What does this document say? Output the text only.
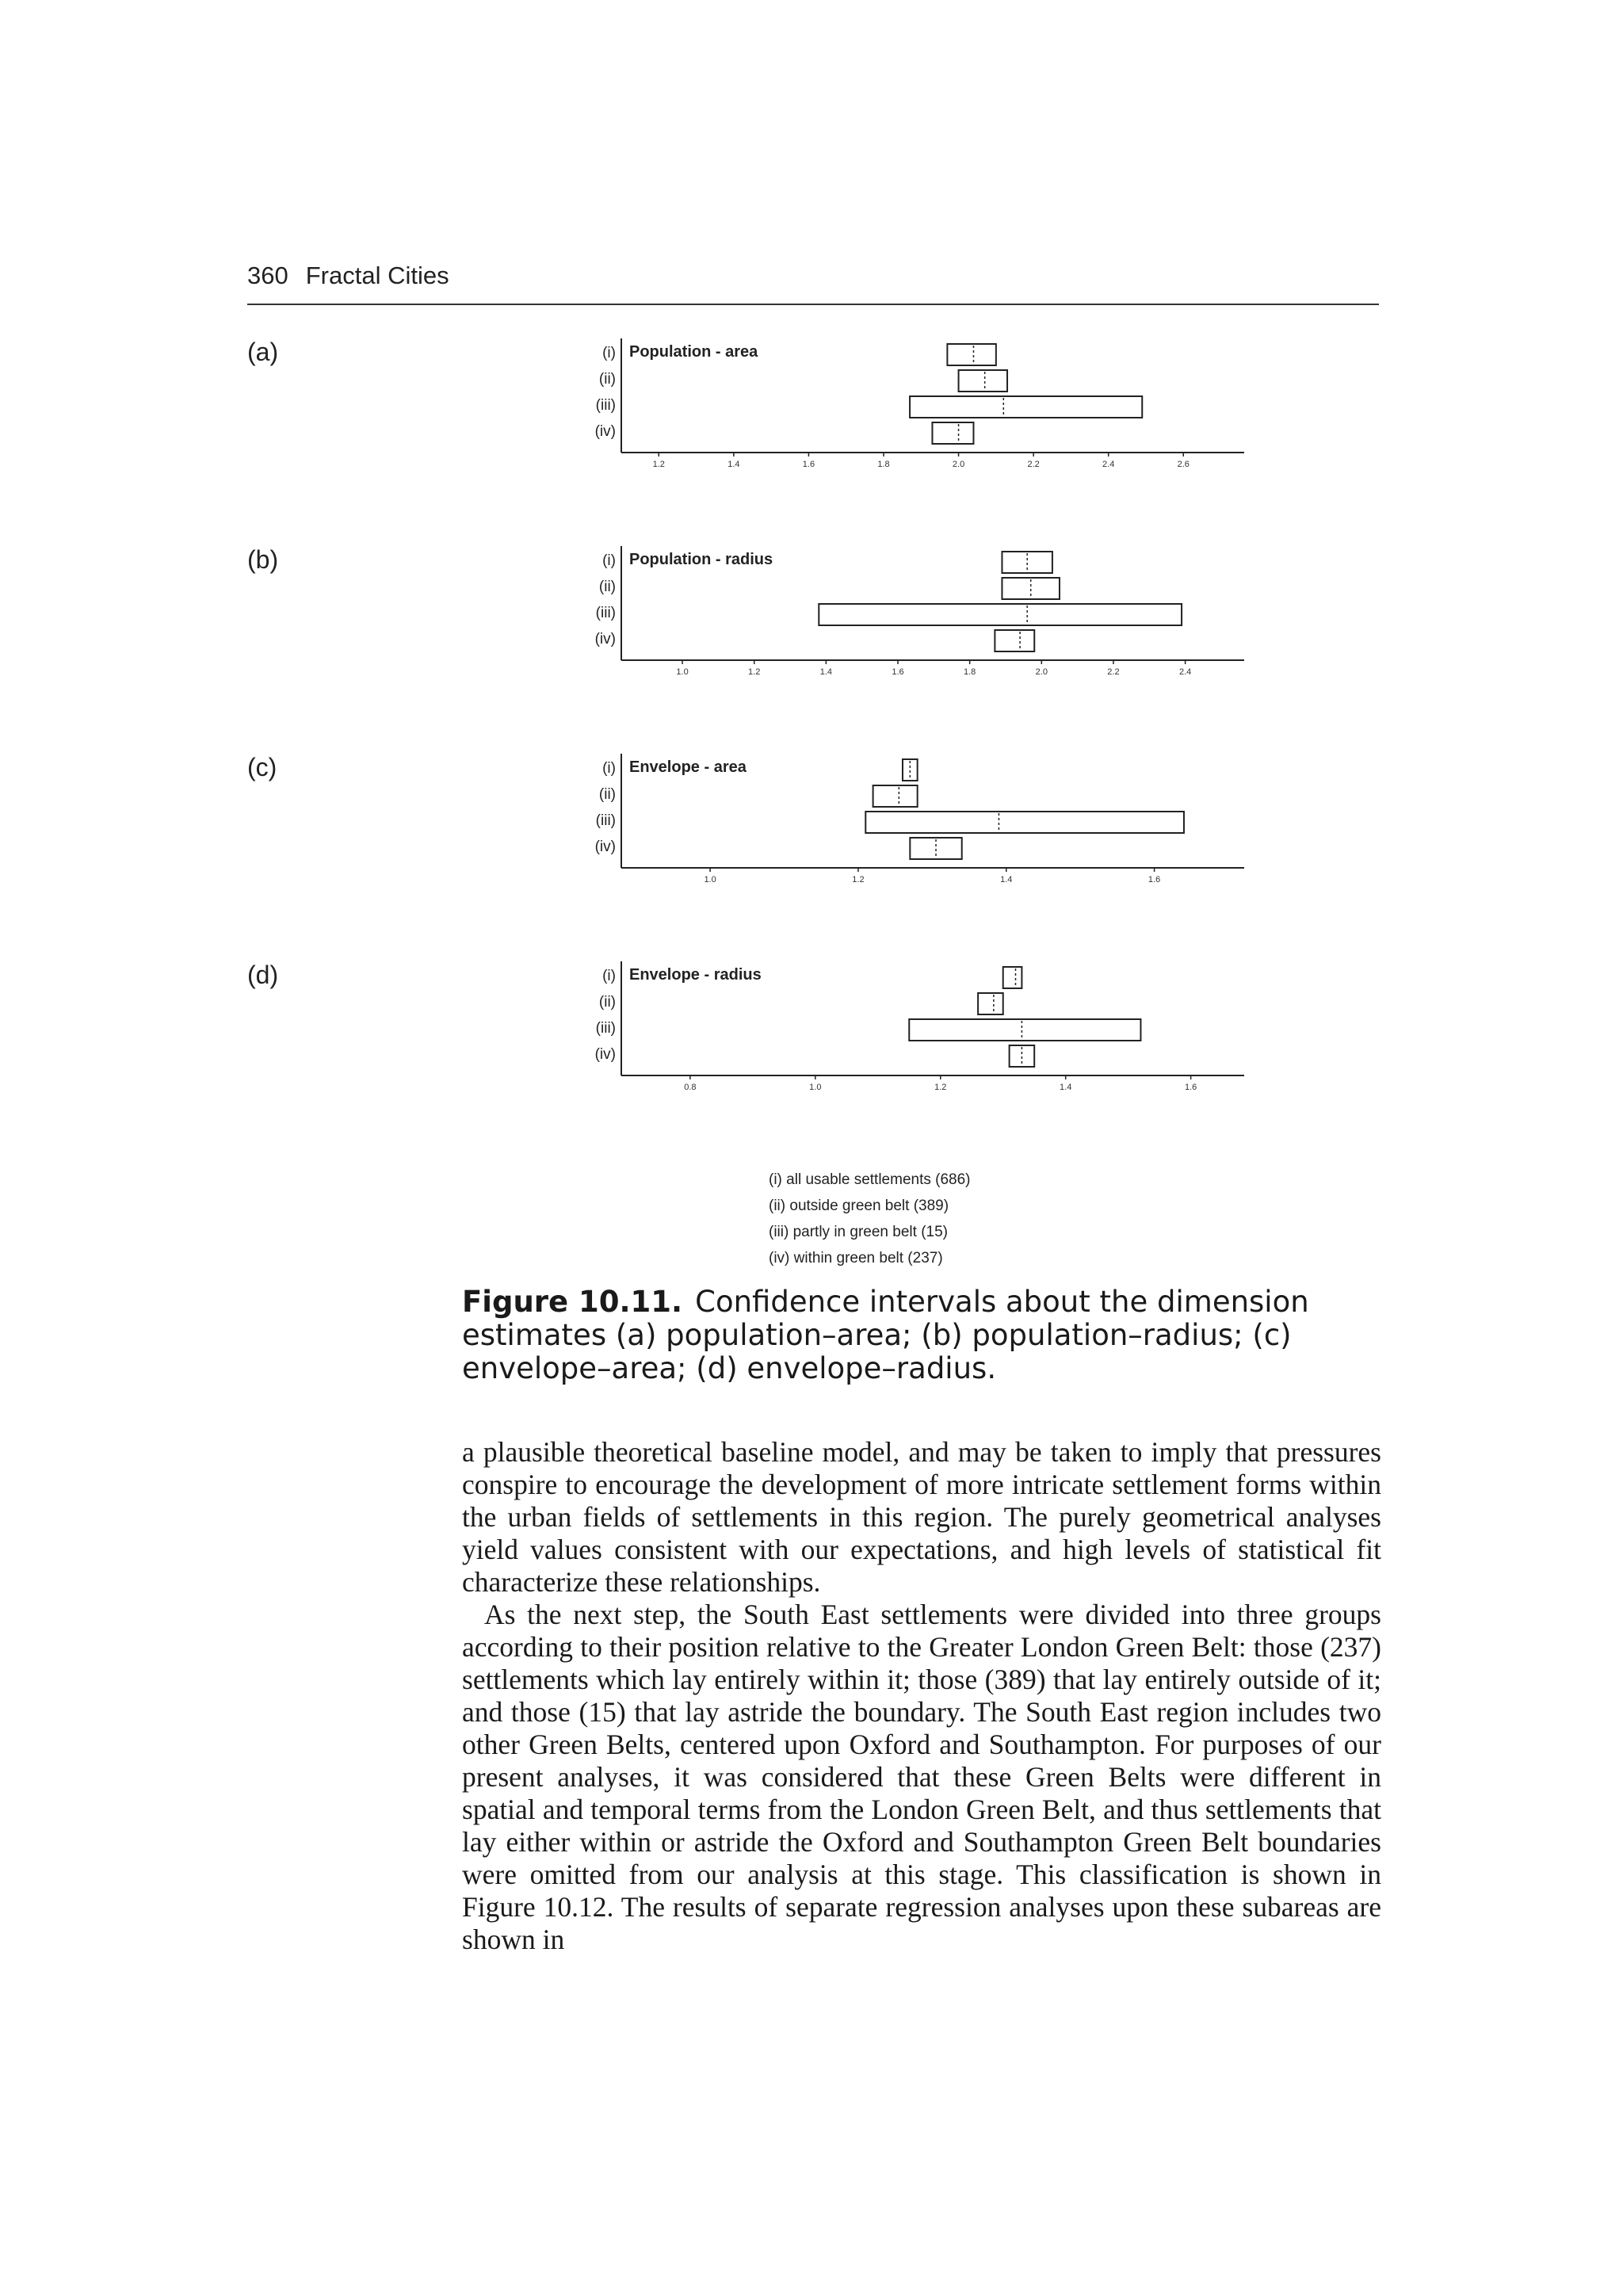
360 Fractal Cities
(a)	(i)
(ii)
(iii)
(iv)
Population - area
1.2	1.4	1.6	1.8	2.0	2.2	2.4	2.6
(b)	(i)
(ii)
(iii)
(iv)
Population - radius
1.0	1.2	1.4	1.6	1.8	2.0	2.2	2.4
(c)	(i)
(ii)
(iii)
(iv)
Envelope - area
1.0	1.2	1.4	1.6
(d)	(i)
(ii)
(iii)
(iv)
Envelope - radius
0.8	1.0	1.2	1.4	1.6
(i) all usable settlements (686)
(ii) outside green belt (389)
(iii) partly in green belt (15)
(iv) within green belt (237)
Figure 10.11. Confidence intervals about the dimension estimates (a) population–area; (b) population–radius; (c) envelope–area; (d) envelope–radius.

a plausible theoretical baseline model, and may be taken to imply that pressures conspire to encourage the development of more intricate settlement forms within the urban fields of settlements in this region. The purely geometrical analyses yield values consistent with our expectations, and high levels of statistical fit characterize these relationships.

As the next step, the South East settlements were divided into three groups according to their position relative to the Greater London Green Belt: those (237) settlements which lay entirely within it; those (389) that lay entirely outside of it; and those (15) that lay astride the boundary. The South East region includes two other Green Belts, centered upon Oxford and Southampton. For purposes of our present analyses, it was considered that these Green Belts were different in spatial and temporal terms from the London Green Belt, and thus settlements that lay either within or astride the Oxford and Southampton Green Belt boundaries were omitted from our analysis at this stage. This classification is shown in Figure 10.12. The results of separate regression analyses upon these subareas are shown in
